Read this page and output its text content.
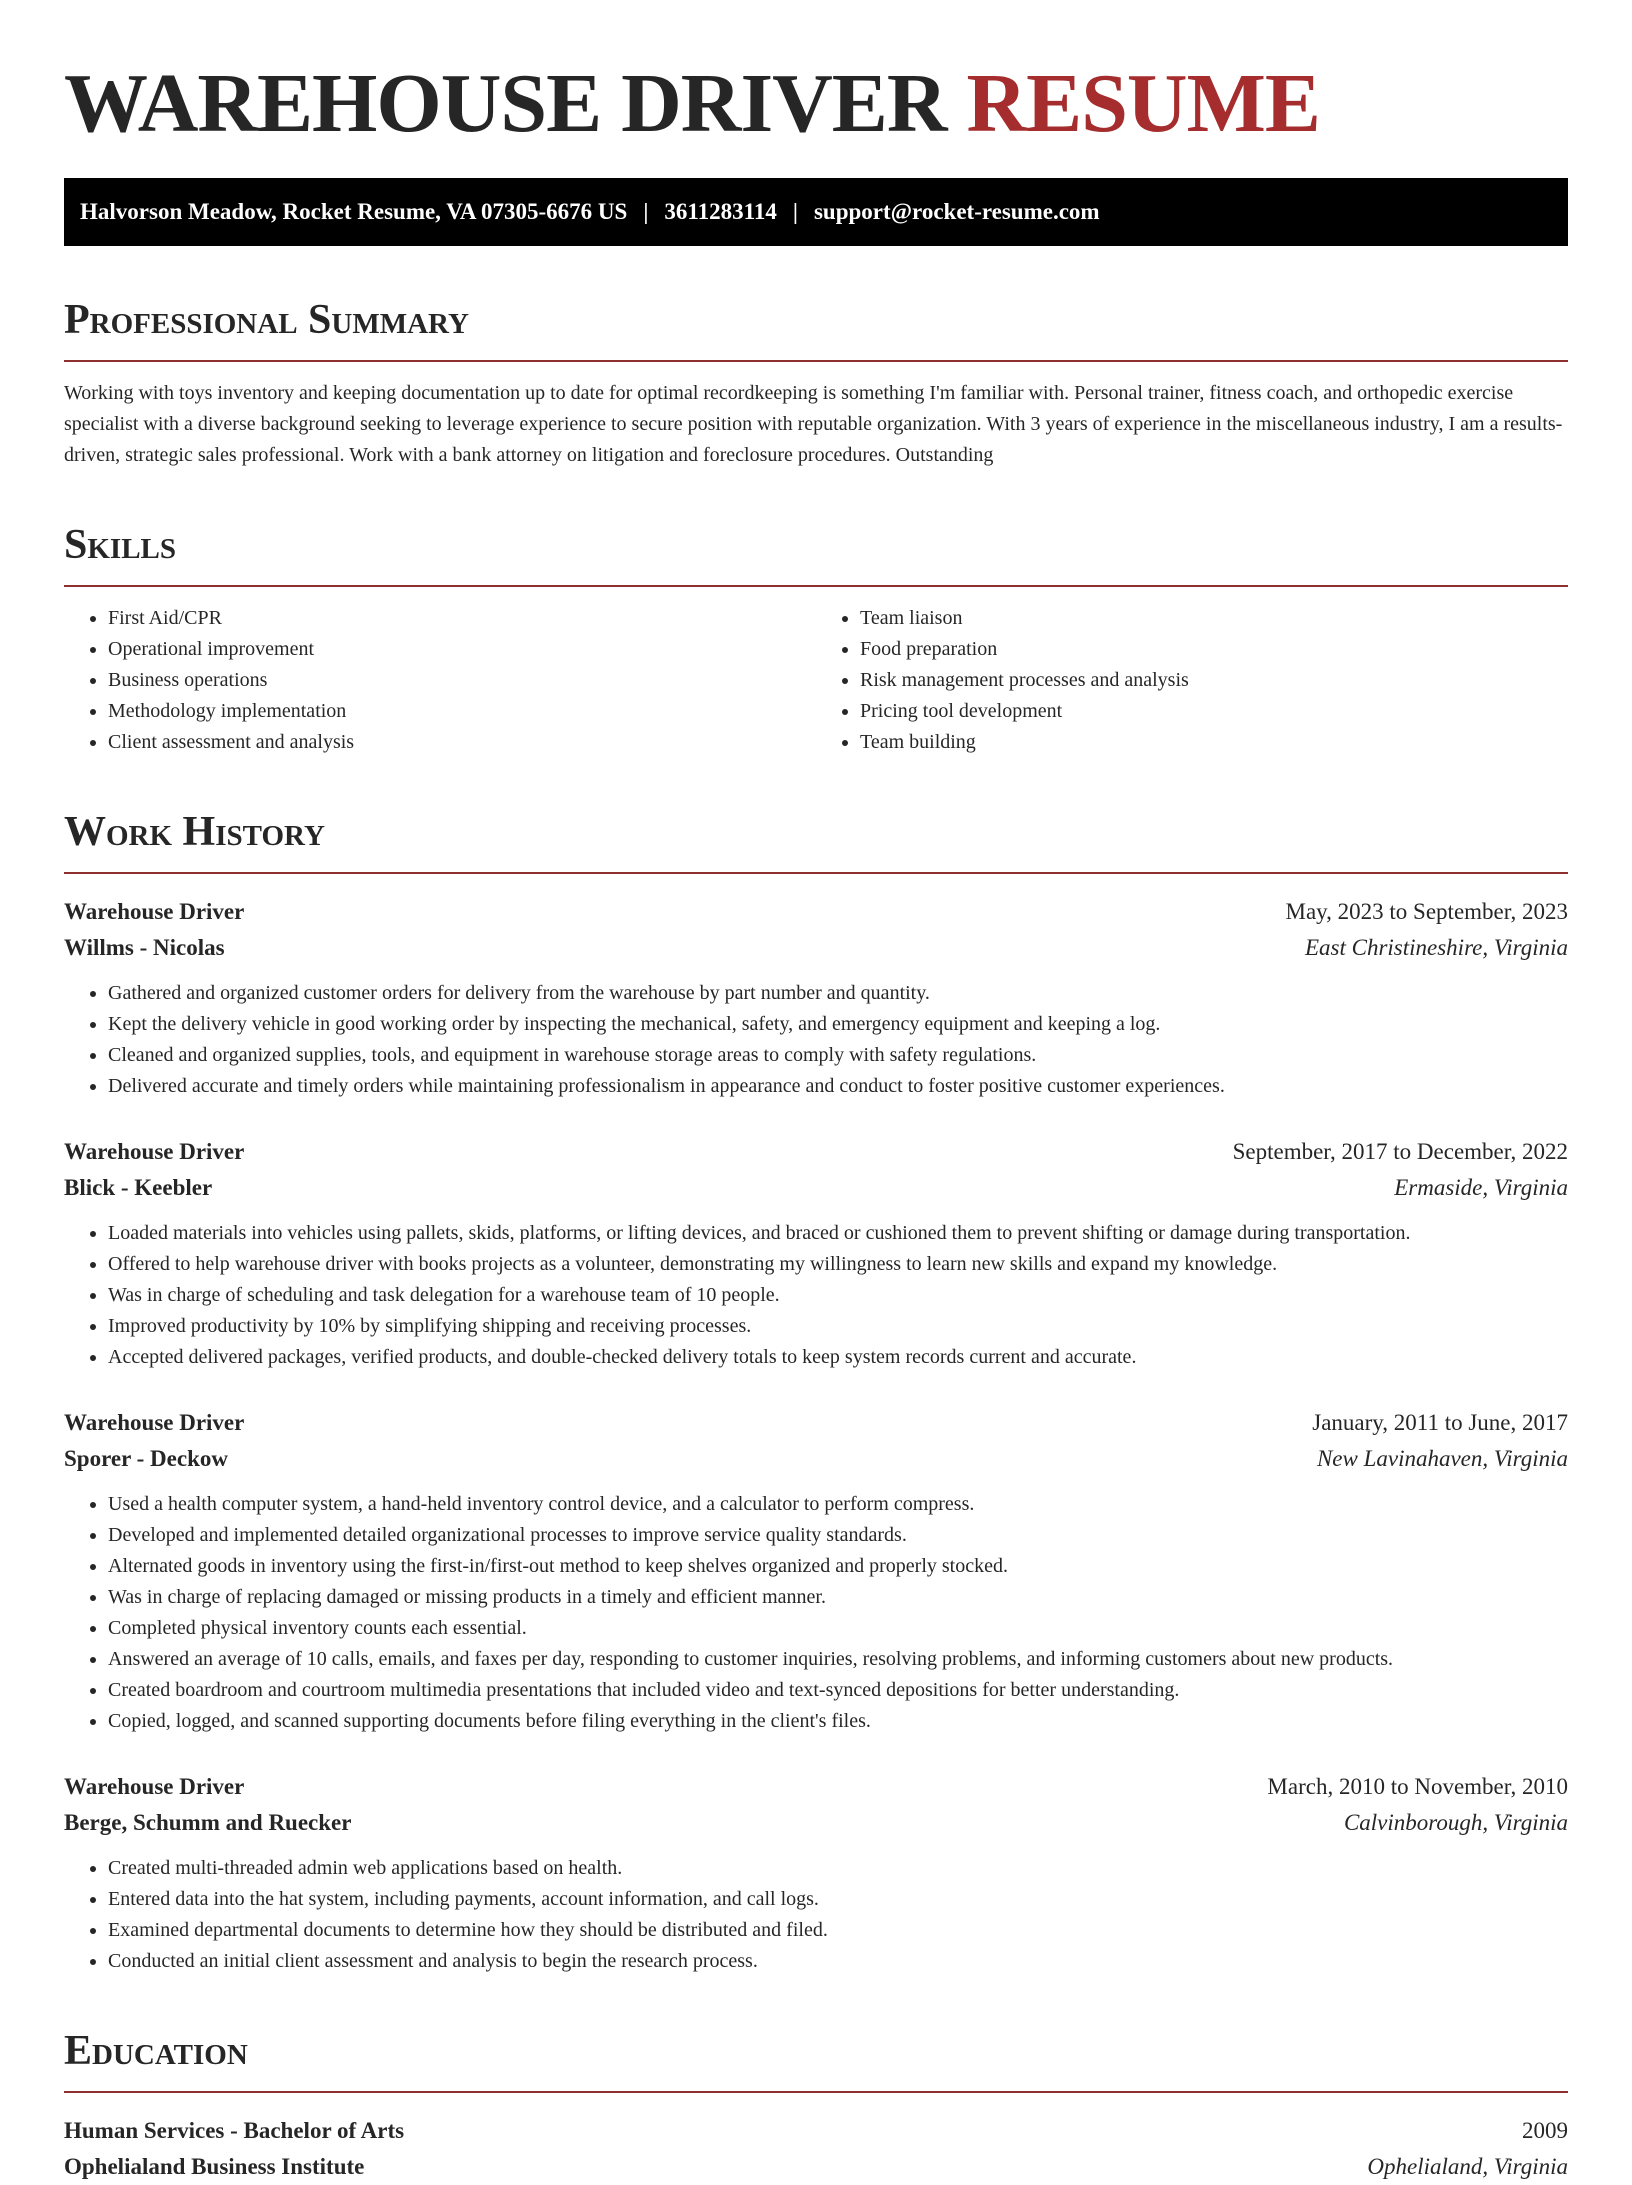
WAREHOUSE DRIVER RESUME
Halvorson Meadow, Rocket Resume, VA 07305-6676 US | 3611283114 | support@rocket-resume.com
Professional Summary

Working with toys inventory and keeping documentation up to date for optimal recordkeeping is something I'm familiar with. Personal trainer, fitness coach, and orthopedic exercise specialist with a diverse background seeking to leverage experience to secure position with reputable organization. With 3 years of experience in the miscellaneous industry, I am a results-driven, strategic sales professional. Work with a bank attorney on litigation and foreclosure procedures. Outstanding

Skills
• First Aid/CPR
• Operational improvement
• Business operations
• Methodology implementation
• Client assessment and analysis
• Team liaison
• Food preparation
• Risk management processes and analysis
• Pricing tool development
• Team building
Work History
Warehouse Driver	May, 2023 to September, 2023
Willms - Nicolas	East Christineshire, Virginia
• Gathered and organized customer orders for delivery from the warehouse by part number and quantity.
• Kept the delivery vehicle in good working order by inspecting the mechanical, safety, and emergency equipment and keeping a log.
• Cleaned and organized supplies, tools, and equipment in warehouse storage areas to comply with safety regulations.
• Delivered accurate and timely orders while maintaining professionalism in appearance and conduct to foster positive customer experiences.
Warehouse Driver	September, 2017 to December, 2022
Blick - Keebler	Ermaside, Virginia
• Loaded materials into vehicles using pallets, skids, platforms, or lifting devices, and braced or cushioned them to prevent shifting or damage during transportation.
• Offered to help warehouse driver with books projects as a volunteer, demonstrating my willingness to learn new skills and expand my knowledge.
• Was in charge of scheduling and task delegation for a warehouse team of 10 people.
• Improved productivity by 10% by simplifying shipping and receiving processes.
• Accepted delivered packages, verified products, and double-checked delivery totals to keep system records current and accurate.
Warehouse Driver	January, 2011 to June, 2017
Sporer - Deckow	New Lavinahaven, Virginia
• Used a health computer system, a hand-held inventory control device, and a calculator to perform compress.
• Developed and implemented detailed organizational processes to improve service quality standards.
• Alternated goods in inventory using the first-in/first-out method to keep shelves organized and properly stocked.
• Was in charge of replacing damaged or missing products in a timely and efficient manner.
• Completed physical inventory counts each essential.
• Answered an average of 10 calls, emails, and faxes per day, responding to customer inquiries, resolving problems, and informing customers about new products.
• Created boardroom and courtroom multimedia presentations that included video and text-synced depositions for better understanding.
• Copied, logged, and scanned supporting documents before filing everything in the client's files.
Warehouse Driver	March, 2010 to November, 2010
Berge, Schumm and Ruecker	Calvinborough, Virginia
• Created multi-threaded admin web applications based on health.
• Entered data into the hat system, including payments, account information, and call logs.
• Examined departmental documents to determine how they should be distributed and filed.
• Conducted an initial client assessment and analysis to begin the research process.
Education
Human Services - Bachelor of Arts	2009
Ophelialand Business Institute	Ophelialand, Virginia
